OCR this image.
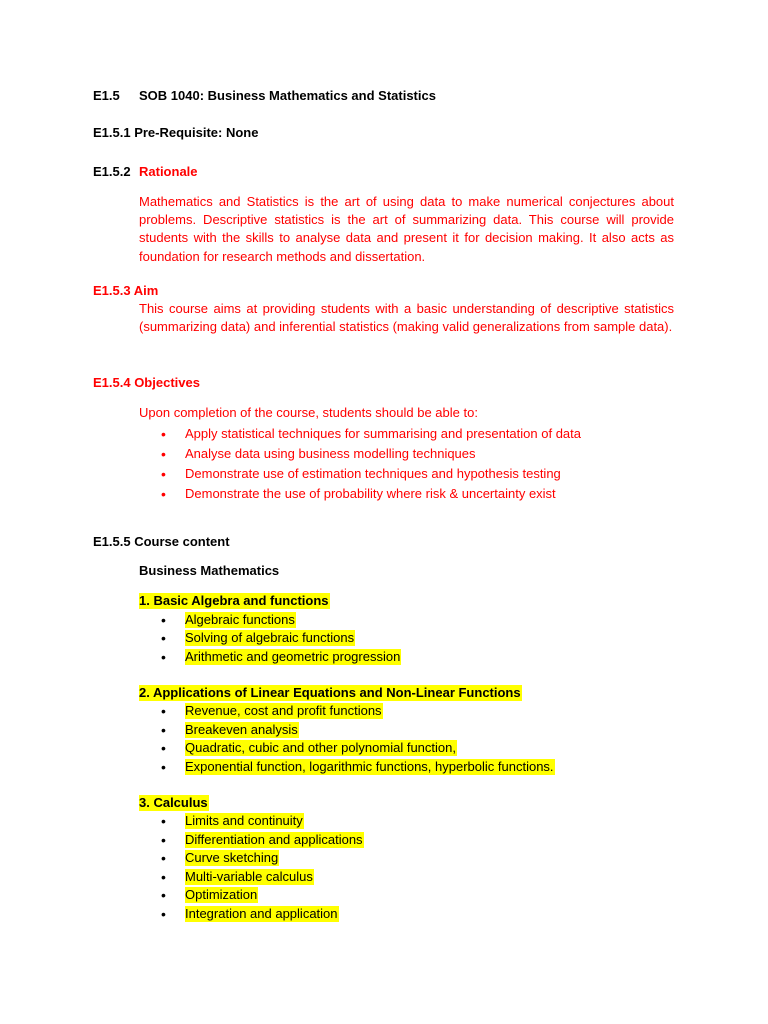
E1.5 SOB 1040: Business Mathematics and Statistics
E1.5.1 Pre-Requisite: None
E1.5.2 Rationale
Mathematics and Statistics is the art of using data to make numerical conjectures about problems. Descriptive statistics is the art of summarizing data. This course will provide students with the skills to analyse data and present it for decision making. It also acts as foundation for research methods and dissertation.
E1.5.3 Aim
This course aims at providing students with a basic understanding of descriptive statistics (summarizing data) and inferential statistics (making valid generalizations from sample data).
E1.5.4 Objectives
Upon completion of the course, students should be able to:
• Apply statistical techniques for summarising and presentation of data
• Analyse data using business modelling techniques
• Demonstrate use of estimation techniques and hypothesis testing
• Demonstrate the use of probability where risk & uncertainty exist
E1.5.5 Course content
Business Mathematics
1. Basic Algebra and functions
• Algebraic functions
• Solving of algebraic functions
• Arithmetic and geometric progression
2. Applications of Linear Equations and Non-Linear Functions
• Revenue, cost and profit functions
• Breakeven analysis
• Quadratic, cubic and other polynomial function,
• Exponential function, logarithmic functions, hyperbolic functions.
3. Calculus
• Limits and continuity
• Differentiation and applications
• Curve sketching
• Multi-variable calculus
• Optimization
• Integration and application
